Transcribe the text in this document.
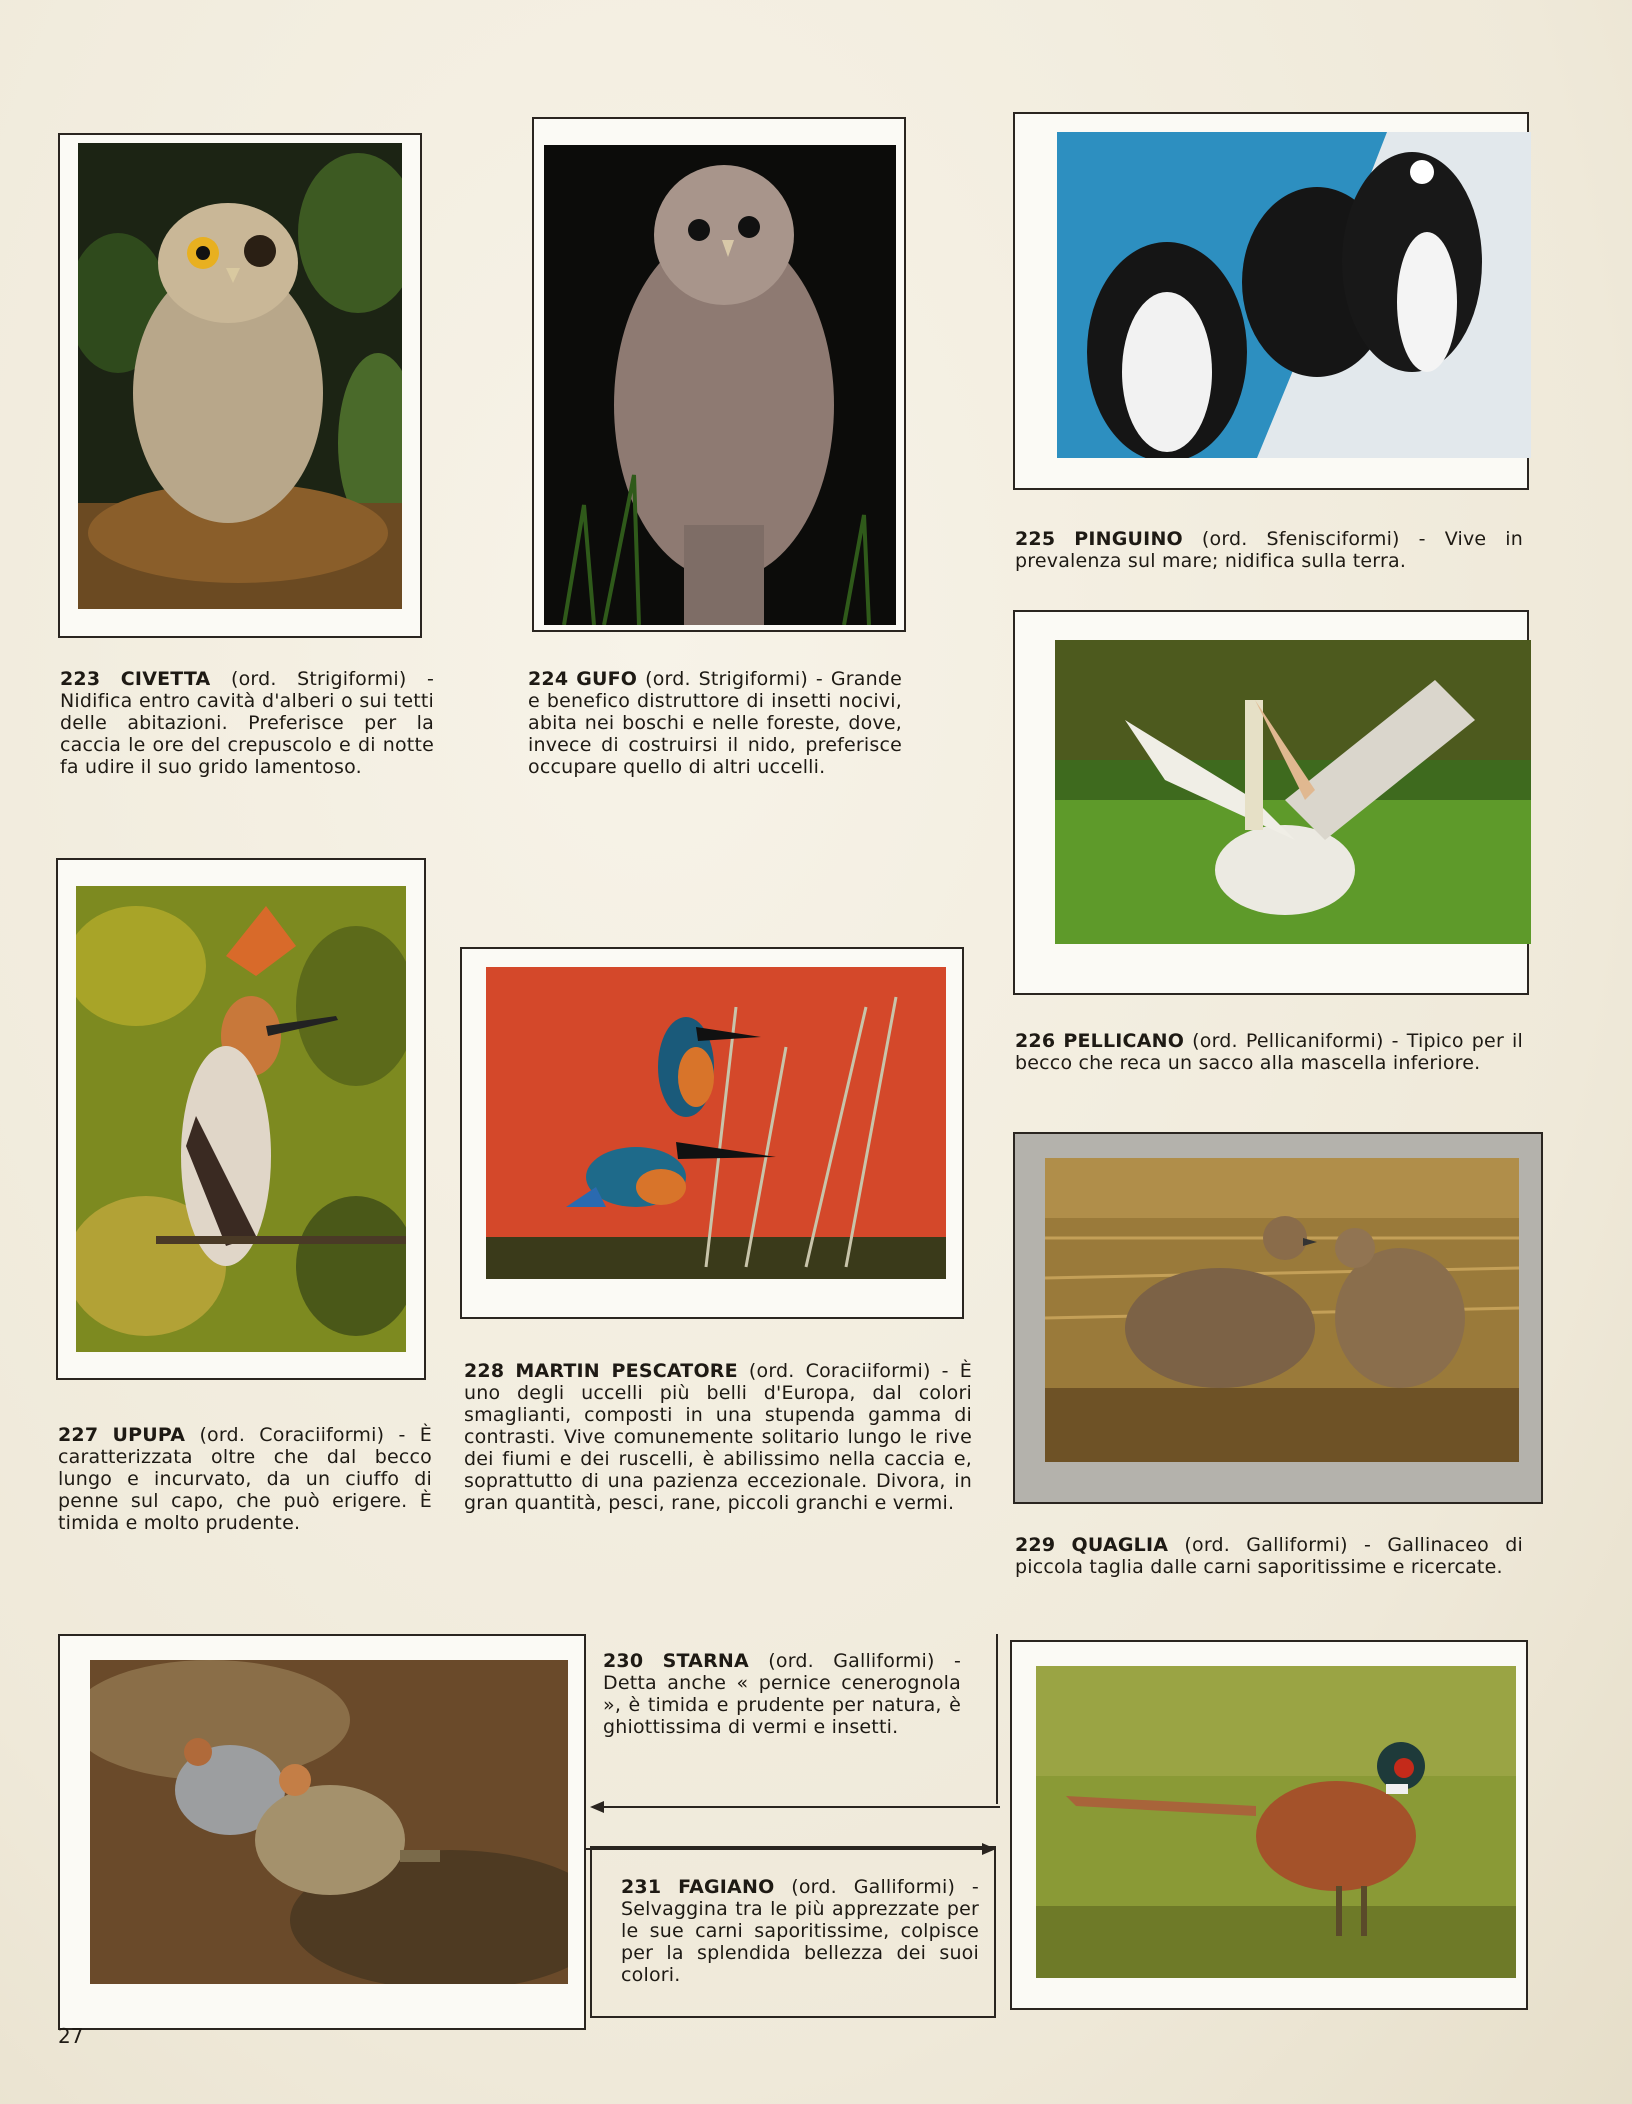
223 CIVETTA (ord. Strigiformi) - Nidifica entro cavità d'alberi o sui tetti delle abitazioni. Preferisce per la caccia le ore del crepuscolo e di notte fa udire il suo grido lamentoso.
224 GUFO (ord. Strigiformi) - Grande e benefico distruttore di insetti nocivi, abita nei boschi e nelle foreste, dove, invece di costruirsi il nido, preferisce occupare quello di altri uccelli.
225 PINGUINO (ord. Sfenisciformi) - Vive in prevalenza sul mare; nidifica sulla terra.
226 PELLICANO (ord. Pellicaniformi) - Tipico per il becco che reca un sacco alla mascella inferiore.
227 UPUPA (ord. Coraciiformi) - È caratterizzata oltre che dal becco lungo e incurvato, da un ciuffo di penne sul capo, che può erigere. È timida e molto prudente.
228 MARTIN PESCATORE (ord. Coraciiformi) - È uno degli uccelli più belli d'Europa, dal colori smaglianti, composti in una stupenda gamma di contrasti. Vive comunemente solitario lungo le rive dei fiumi e dei ruscelli, è abilissimo nella caccia e, soprattutto di una pazienza eccezionale. Divora, in gran quantità, pesci, rane, piccoli granchi e vermi.
229 QUAGLIA (ord. Galliformi) - Gallinaceo di piccola taglia dalle carni saporitissime e ricercate.
230 STARNA (ord. Galliformi) - Detta anche « pernice cenerognola », è timida e prudente per natura, è ghiottissima di vermi e insetti.
231 FAGIANO (ord. Galliformi) - Selvaggina tra le più apprezzate per le sue carni saporitissime, colpisce per la splendida bellezza dei suoi colori.
27
